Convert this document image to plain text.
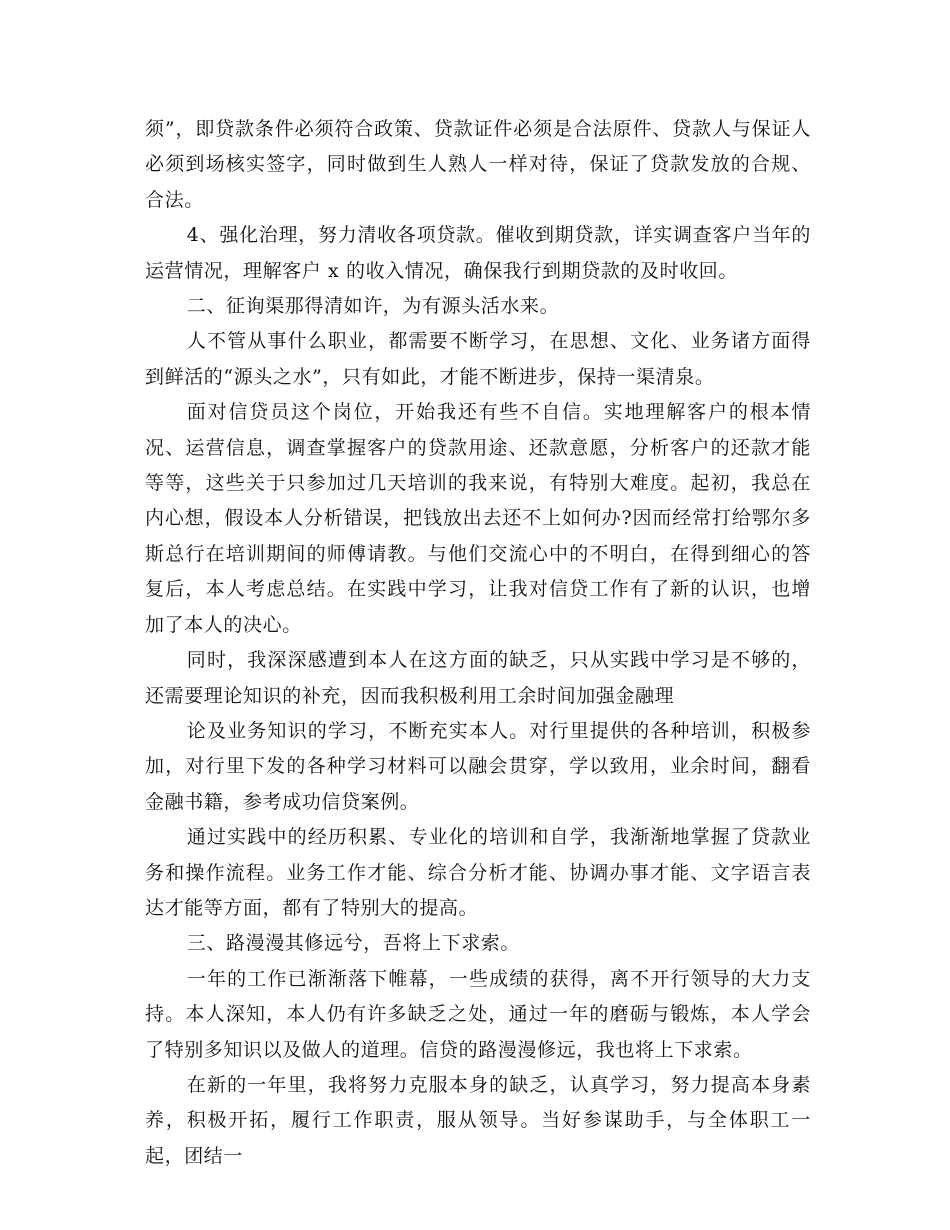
须”，即贷款条件必须符合政策、贷款证件必须是合法原件、贷款人与保证人必须到场核实签字，同时做到生人熟人一样对待，保证了贷款发放的合规、合法。

4、强化治理，努力清收各项贷款。催收到期贷款，详实调查客户当年的运营情况，理解客户 x 的收入情况，确保我行到期贷款的及时收回。

二、征询渠那得清如许，为有源头活水来。

人不管从事什么职业，都需要不断学习，在思想、文化、业务诸方面得到鲜活的“源头之水”，只有如此，才能不断进步，保持一渠清泉。

面对信贷员这个岗位，开始我还有些不自信。实地理解客户的根本情况、运营信息，调查掌握客户的贷款用途、还款意愿，分析客户的还款才能等等，这些关于只参加过几天培训的我来说，有特别大难度。起初，我总在内心想，假设本人分析错误，把钱放出去还不上如何办?因而经常打给鄂尔多斯总行在培训期间的师傅请教。与他们交流心中的不明白，在得到细心的答复后，本人考虑总结。在实践中学习，让我对信贷工作有了新的认识，也增加了本人的决心。

同时，我深深感遭到本人在这方面的缺乏，只从实践中学习是不够的，还需要理论知识的补充，因而我积极利用工余时间加强金融理

论及业务知识的学习，不断充实本人。对行里提供的各种培训，积极参加，对行里下发的各种学习材料可以融会贯穿，学以致用，业余时间，翻看金融书籍，参考成功信贷案例。

通过实践中的经历积累、专业化的培训和自学，我渐渐地掌握了贷款业务和操作流程。业务工作才能、综合分析才能、协调办事才能、文字语言表达才能等方面，都有了特别大的提高。

三、路漫漫其修远兮，吾将上下求索。

一年的工作已渐渐落下帷幕，一些成绩的获得，离不开行领导的大力支持。本人深知，本人仍有许多缺乏之处，通过一年的磨砺与锻炼，本人学会了特别多知识以及做人的道理。信贷的路漫漫修远，我也将上下求索。

在新的一年里，我将努力克服本身的缺乏，认真学习，努力提高本身素养，积极开拓，履行工作职责，服从领导。当好参谋助手，与全体职工一起，团结一
